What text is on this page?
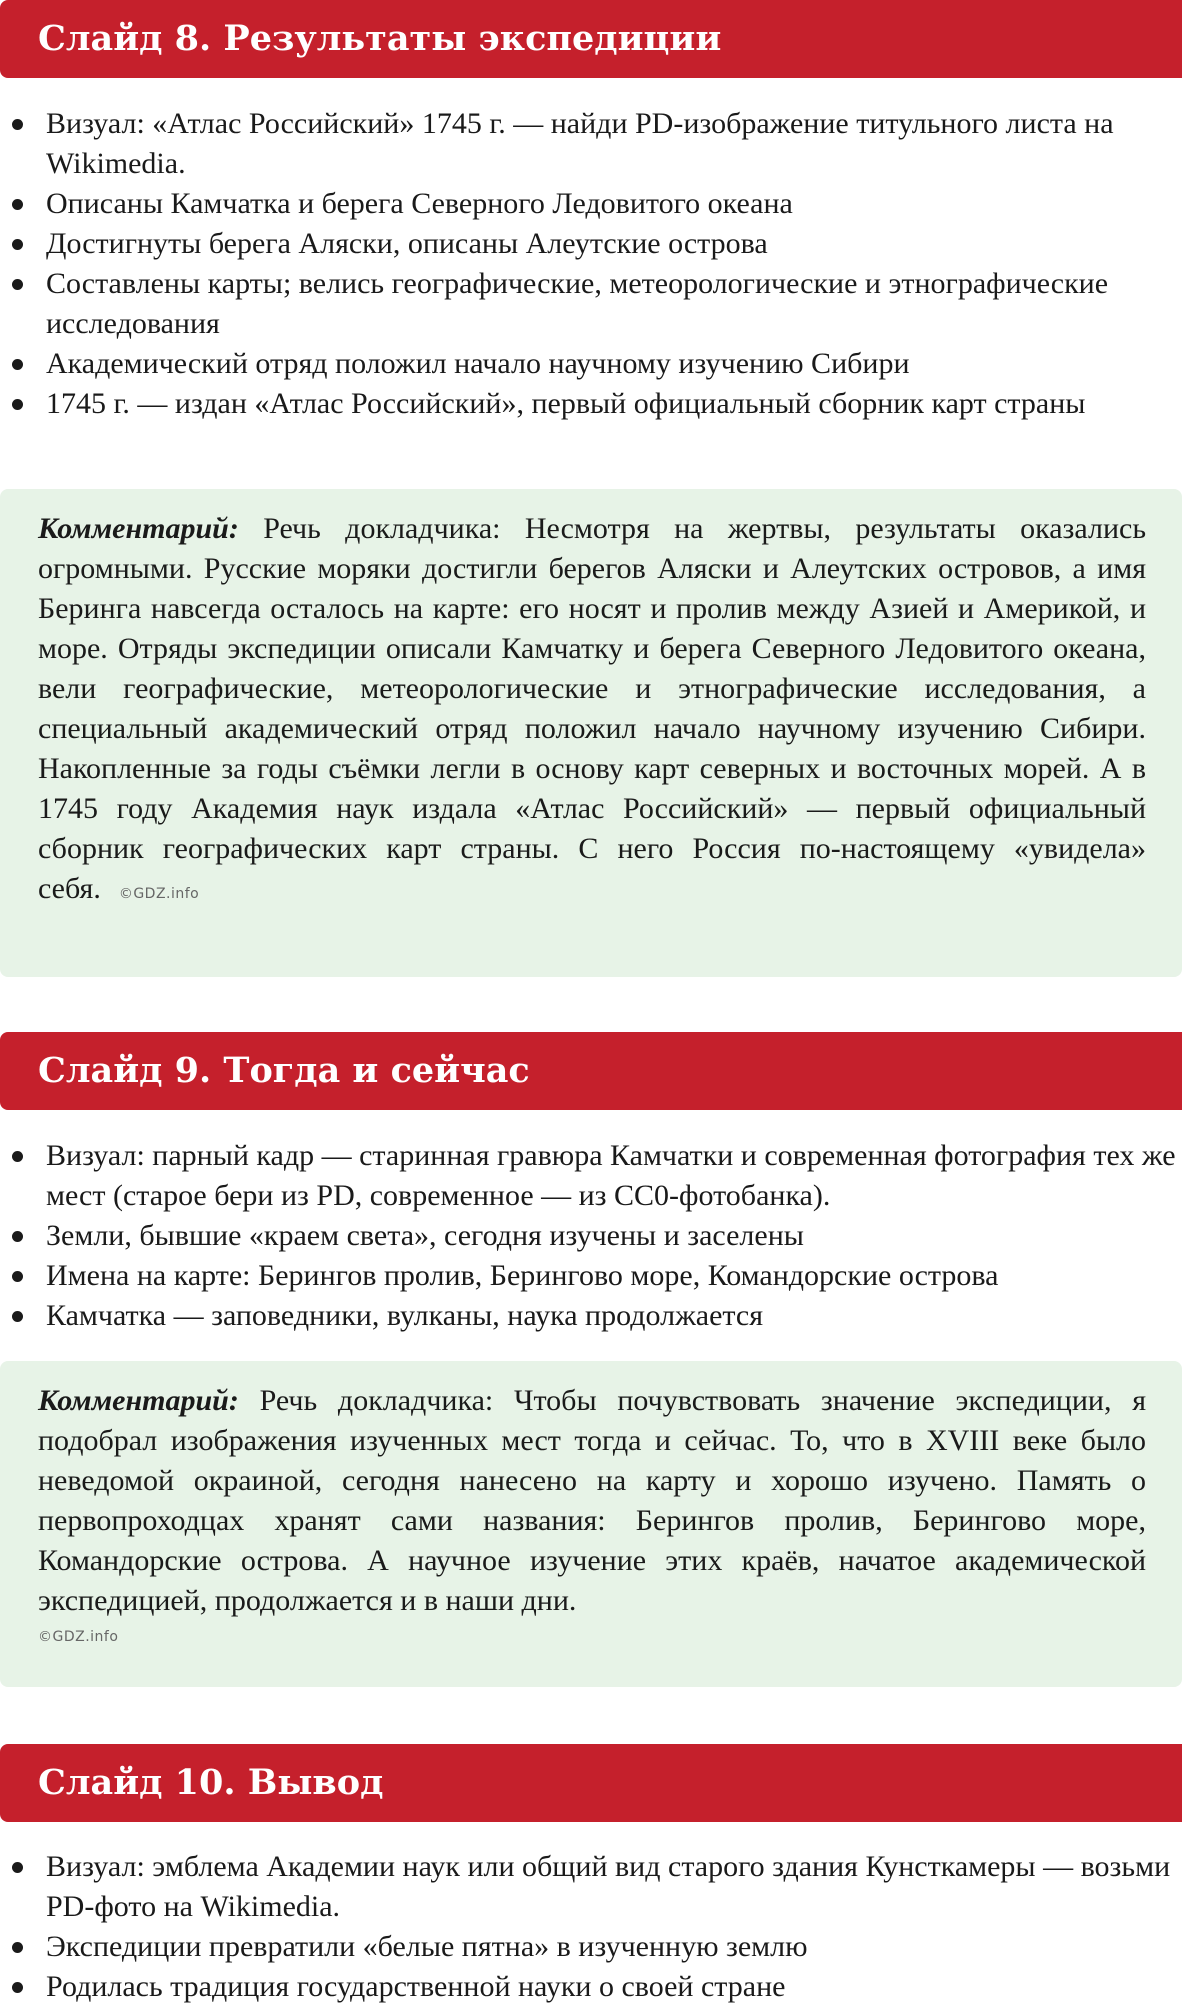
Слайд 8. Результаты экспедиции
Визуал: «Атлас Российский» 1745 г. — найди PD-изображение титульного листа на Wikimedia.
Описаны Камчатка и берега Северного Ледовитого океана
Достигнуты берега Аляски, описаны Алеутские острова
Составлены карты; велись географические, метеорологические и этнографические исследования
Академический отряд положил начало научному изучению Сибири
1745 г. — издан «Атлас Российский», первый официальный сборник карт страны
Комментарий: Речь докладчика: Несмотря на жертвы, результаты оказались огромными. Русские моряки достигли берегов Аляски и Алеутских островов, а имя Беринга навсегда осталось на карте: его носят и пролив между Азией и Америкой, и море. Отряды экспедиции описали Камчатку и берега Северного Ледовитого океана, вели географические, метеорологические и этнографические исследования, а специальный академический отряд положил начало научному изучению Сибири. Накопленные за годы съёмки легли в основу карт северных и восточных морей. А в 1745 году Академия наук издала «Атлас Российский» — первый официальный сборник географических карт страны. С него Россия по-настоящему «увидела» себя. ©GDZ.info
Слайд 9. Тогда и сейчас
Визуал: парный кадр — старинная гравюра Камчатки и современная фотография тех же мест (старое бери из PD, современное — из CC0-фотобанка).
Земли, бывшие «краем света», сегодня изучены и заселены
Имена на карте: Берингов пролив, Берингово море, Командорские острова
Камчатка — заповедники, вулканы, наука продолжается
Комментарий: Речь докладчика: Чтобы почувствовать значение экспедиции, я подобрал изображения изученных мест тогда и сейчас. То, что в XVIII веке было неведомой окраиной, сегодня нанесено на карту и хорошо изучено. Память о первопроходцах хранят сами названия: Берингов пролив, Берингово море, Командорские острова. А научное изучение этих краёв, начатое академической экспедицией, продолжается и в наши дни.
©GDZ.info
Слайд 10. Вывод
Визуал: эмблема Академии наук или общий вид старого здания Кунсткамеры — возьми PD-фото на Wikimedia.
Экспедиции превратили «белые пятна» в изученную землю
Родилась традиция государственной науки о своей стране
